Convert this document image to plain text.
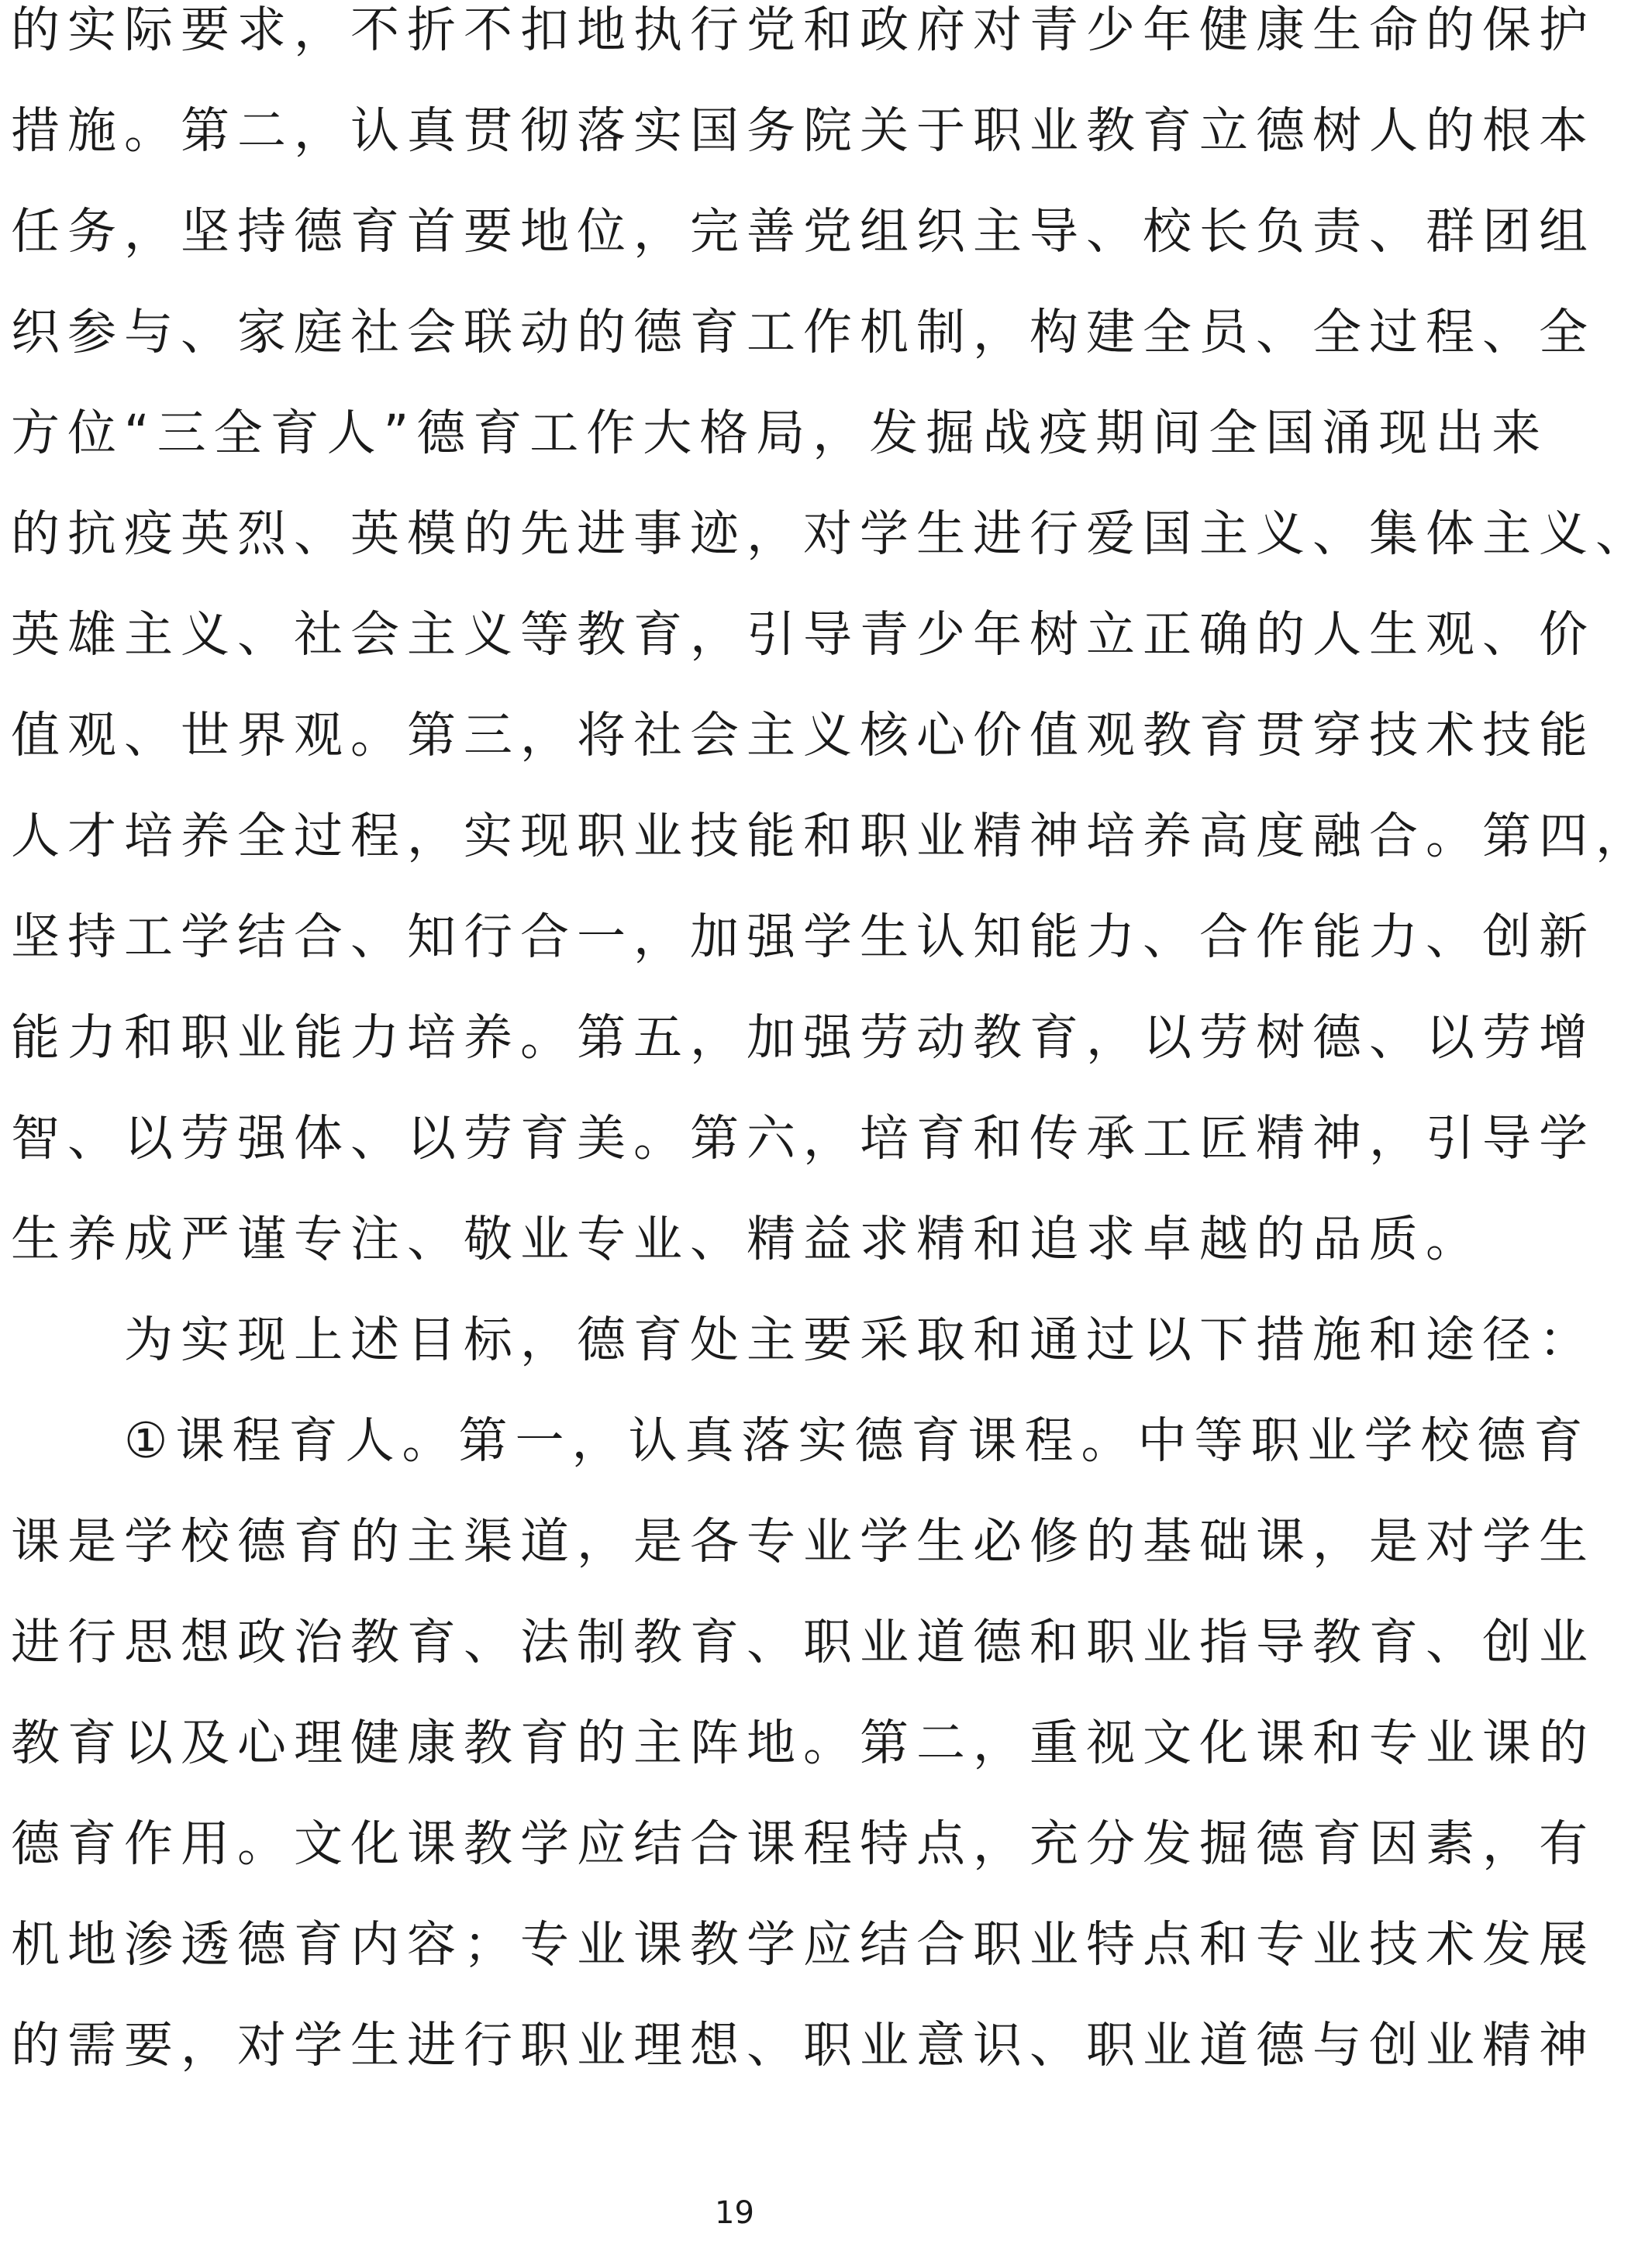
的实际要求，不折不扣地执行党和政府对青少年健康生命的保护
措施。第二，认真贯彻落实国务院关于职业教育立德树人的根本
任务，坚持德育首要地位，完善党组织主导、校长负责、群团组
织参与、家庭社会联动的德育工作机制，构建全员、全过程、全
方位“三全育人”德育工作大格局，发掘战疫期间全国涌现出来
的抗疫英烈、英模的先进事迹，对学生进行爱国主义、集体主义、
英雄主义、社会主义等教育，引导青少年树立正确的人生观、价
值观、世界观。第三，将社会主义核心价值观教育贯穿技术技能
人才培养全过程，实现职业技能和职业精神培养高度融合。第四，
坚持工学结合、知行合一，加强学生认知能力、合作能力、创新
能力和职业能力培养。第五，加强劳动教育，以劳树德、以劳增
智、以劳强体、以劳育美。第六，培育和传承工匠精神，引导学
生养成严谨专注、敬业专业、精益求精和追求卓越的品质。
　　为实现上述目标，德育处主要采取和通过以下措施和途径：
　　①课程育人。第一，认真落实德育课程。中等职业学校德育
课是学校德育的主渠道，是各专业学生必修的基础课，是对学生
进行思想政治教育、法制教育、职业道德和职业指导教育、创业
教育以及心理健康教育的主阵地。第二，重视文化课和专业课的
德育作用。文化课教学应结合课程特点，充分发掘德育因素，有
机地渗透德育内容；专业课教学应结合职业特点和专业技术发展
的需要，对学生进行职业理想、职业意识、职业道德与创业精神
19
